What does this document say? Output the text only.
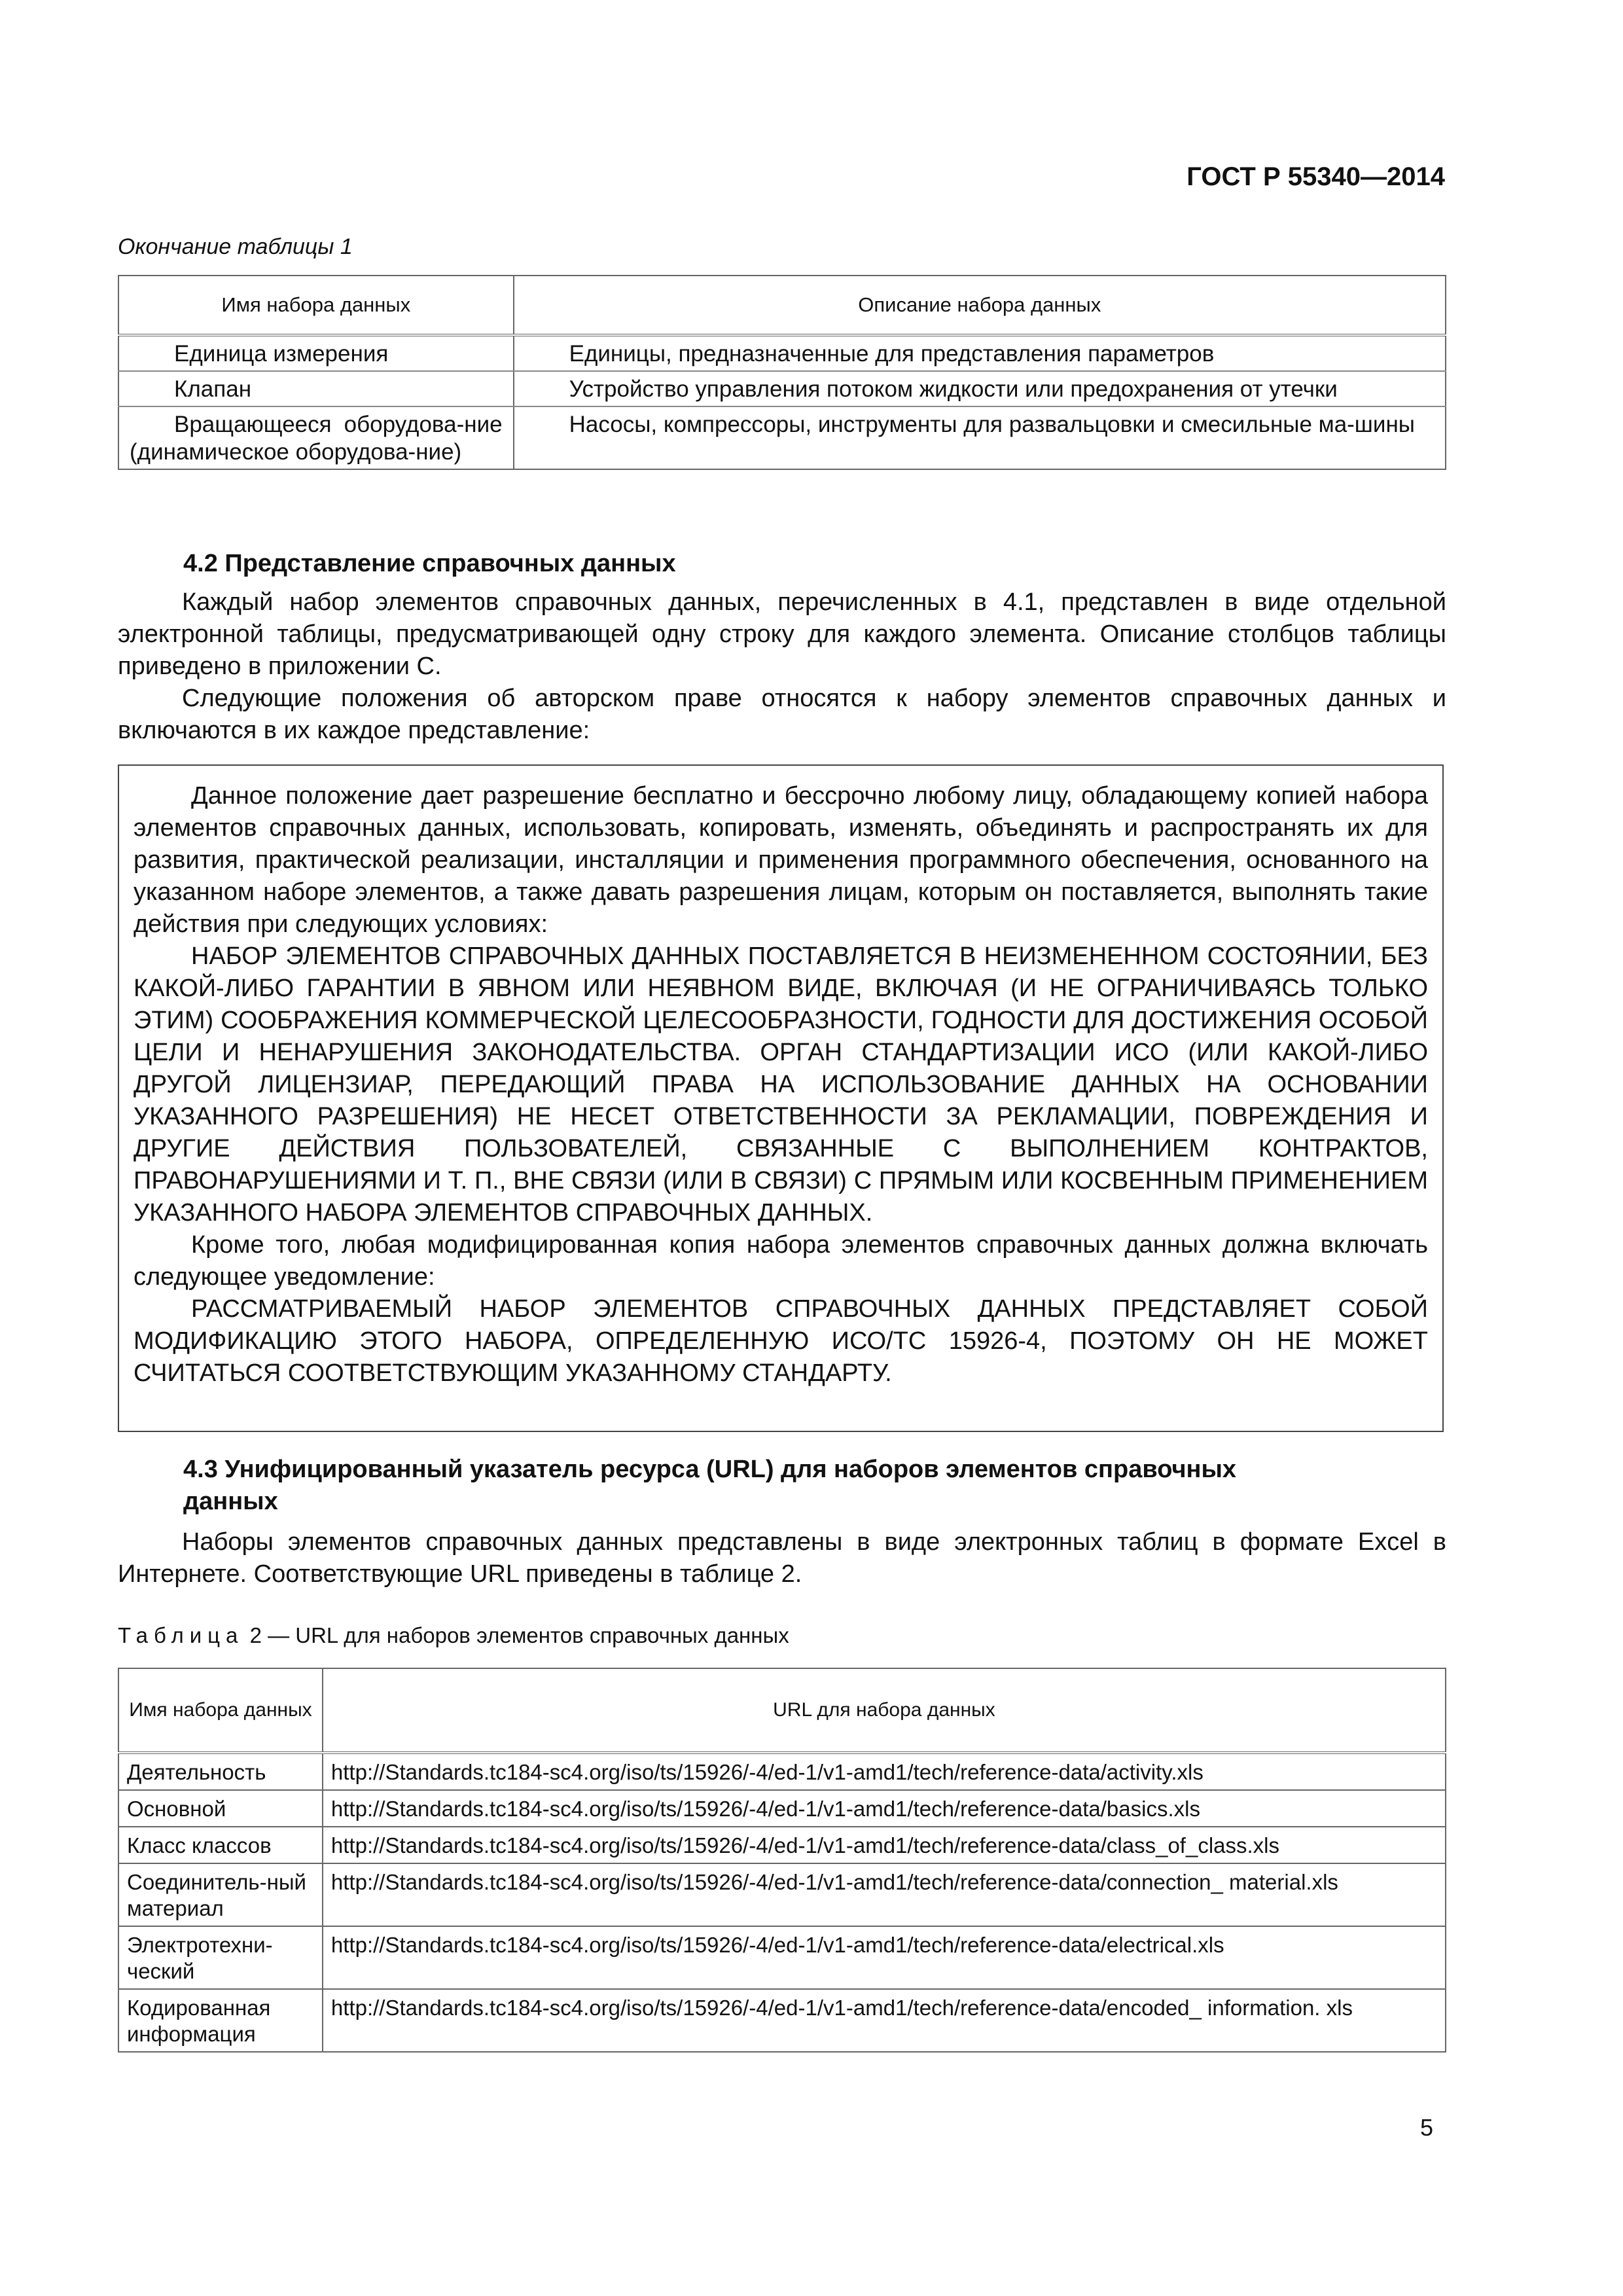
ГОСТ Р 55340—2014
Окончание таблицы 1
Имя набора данных	Описание набора данных
Единица измерения	Единицы, предназначенные для представления параметров
Клапан	Устройство управления потоком жидкости или предохранения от утечки
Вращающееся оборудова-ние (динамическое оборудова-ние)	Насосы, компрессоры, инструменты для развальцовки и смесильные ма-шины
4.2 Представление справочных данных

Каждый набор элементов справочных данных, перечисленных в 4.1, представлен в виде отдельной электронной таблицы, предусматривающей одну строку для каждого элемента. Описание столбцов таблицы приведено в приложении С.

Следующие положения об авторском праве относятся к набору элементов справочных данных и включаются в их каждое представление:

Данное положение дает разрешение бесплатно и бессрочно любому лицу, обладающему копией набора элементов справочных данных, использовать, копировать, изменять, объединять и распространять их для развития, практической реализации, инсталляции и применения программного обеспечения, основанного на указанном наборе элементов, а также давать разрешения лицам, которым он поставляется, выполнять такие действия при следующих условиях:

НАБОР ЭЛЕМЕНТОВ СПРАВОЧНЫХ ДАННЫХ ПОСТАВЛЯЕТСЯ В НЕИЗМЕНЕННОМ СОСТОЯНИИ, БЕЗ КАКОЙ-ЛИБО ГАРАНТИИ В ЯВНОМ ИЛИ НЕЯВНОМ ВИДЕ, ВКЛЮЧАЯ (И НЕ ОГРАНИЧИВАЯСЬ ТОЛЬКО ЭТИМ) СООБРАЖЕНИЯ КОММЕРЧЕСКОЙ ЦЕЛЕСООБРАЗНОСТИ, ГОДНОСТИ ДЛЯ ДОСТИЖЕНИЯ ОСОБОЙ ЦЕЛИ И НЕНАРУШЕНИЯ ЗАКОНОДАТЕЛЬСТВА. ОРГАН СТАНДАРТИЗАЦИИ ИСО (ИЛИ КАКОЙ-ЛИБО ДРУГОЙ ЛИЦЕНЗИАР, ПЕРЕДАЮЩИЙ ПРАВА НА ИСПОЛЬЗОВАНИЕ ДАННЫХ НА ОСНОВАНИИ УКАЗАННОГО РАЗРЕШЕНИЯ) НЕ НЕСЕТ ОТВЕТСТВЕННОСТИ ЗА РЕКЛАМАЦИИ, ПОВРЕЖДЕНИЯ И ДРУГИЕ ДЕЙСТВИЯ ПОЛЬЗОВАТЕЛЕЙ, СВЯЗАННЫЕ С ВЫПОЛНЕНИЕМ КОНТРАКТОВ, ПРАВОНАРУШЕНИЯМИ И Т. П., ВНЕ СВЯЗИ (ИЛИ В СВЯЗИ) С ПРЯМЫМ ИЛИ КОСВЕННЫМ ПРИМЕНЕНИЕМ УКАЗАННОГО НАБОРА ЭЛЕМЕНТОВ СПРАВОЧНЫХ ДАННЫХ.

Кроме того, любая модифицированная копия набора элементов справочных данных должна включать следующее уведомление:

РАССМАТРИВАЕМЫЙ НАБОР ЭЛЕМЕНТОВ СПРАВОЧНЫХ ДАННЫХ ПРЕДСТАВЛЯЕТ СОБОЙ МОДИФИКАЦИЮ ЭТОГО НАБОРА, ОПРЕДЕЛЕННУЮ ИСО/ТС 15926-4, ПОЭТОМУ ОН НЕ МОЖЕТ СЧИТАТЬСЯ СООТВЕТСТВУЮЩИМ УКАЗАННОМУ СТАНДАРТУ.

4.3 Унифицированный указатель ресурса (URL) для наборов элементов справочных
данных

Наборы элементов справочных данных представлены в виде электронных таблиц в формате Excel в Интернете. Соответствующие URL приведены в таблице 2.

Таблица 2 — URL для наборов элементов справочных данных
Имя набора данных	URL для набора данных
Деятельность	http://Standards.tc184-sc4.org/iso/ts/15926/-4/ed-1/v1-amd1/tech/reference-data/activity.xls
Основной	http://Standards.tc184-sc4.org/iso/ts/15926/-4/ed-1/v1-amd1/tech/reference-data/basics.xls
Класс классов	http://Standards.tc184-sc4.org/iso/ts/15926/-4/ed-1/v1-amd1/tech/reference-data/class_of_class.xls
Соединитель-ный материал	http://Standards.tc184-sc4.org/iso/ts/15926/-4/ed-1/v1-amd1/tech/reference-data/connection_ material.xls
Электротехни-ческий	http://Standards.tc184-sc4.org/iso/ts/15926/-4/ed-1/v1-amd1/tech/reference-data/electrical.xls
Кодированная информация	http://Standards.tc184-sc4.org/iso/ts/15926/-4/ed-1/v1-amd1/tech/reference-data/encoded_ information. xls
5
